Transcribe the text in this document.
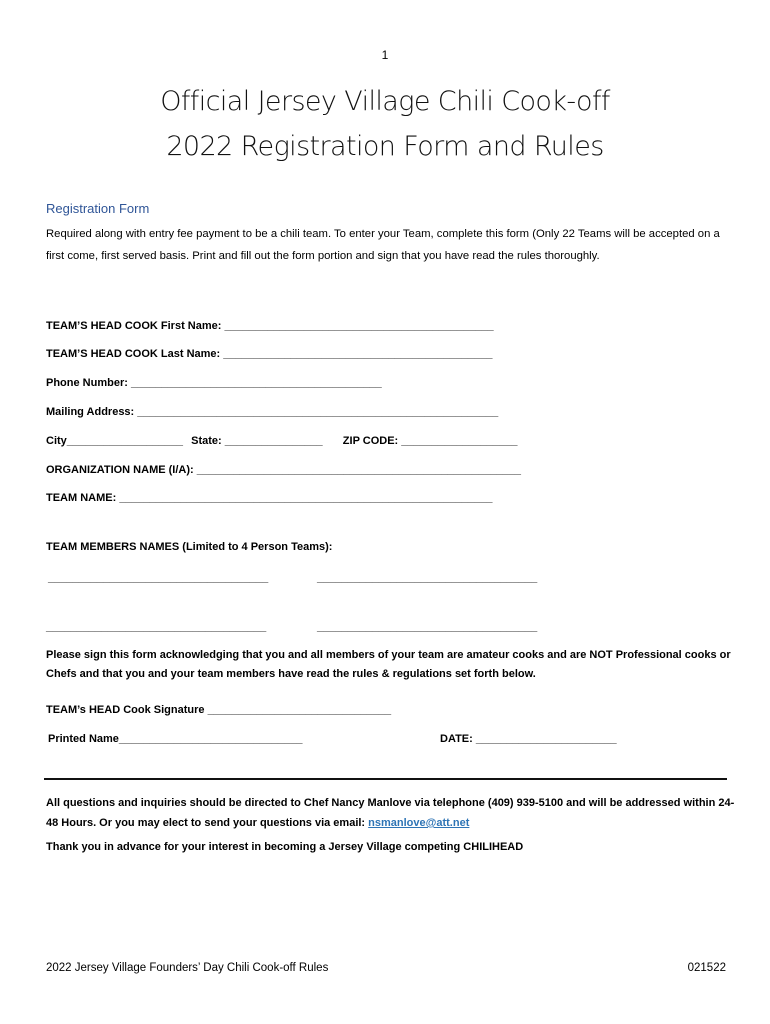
1
Official Jersey Village Chili Cook-off
2022 Registration Form and Rules
Registration Form
Required along with entry fee payment to be a chili team. To enter your Team, complete this form (Only 22 Teams will be accepted on a first come, first served basis. Print and fill out the form portion and sign that you have read the rules thoroughly.
TEAM’S HEAD COOK First Name: ____________________________________________
TEAM’S HEAD COOK Last Name: ____________________________________________
Phone Number: _________________________________________
Mailing Address: ___________________________________________________________
City___________________ State: ________________ ZIP CODE: ___________________
ORGANIZATION NAME (I/A): _____________________________________________________
TEAM NAME: _____________________________________________________________
TEAM MEMBERS NAMES (Limited to 4 Person Teams):
____________________________________	____________________________________
____________________________________	____________________________________
Please sign this form acknowledging that you and all members of your team are amateur cooks and are NOT Professional cooks or Chefs and that you and your team members have read the rules & regulations set forth below.
TEAM’s HEAD Cook Signature ______________________________
Printed Name______________________________	DATE: _______________________
All questions and inquiries should be directed to Chef Nancy Manlove via telephone (409) 939-5100 and will be addressed within 24-48 Hours. Or you may elect to send your questions via email: nsmanlove@att.net
Thank you in advance for your interest in becoming a Jersey Village competing CHILIHEAD
2022 Jersey Village Founders’ Day Chili Cook-off Rules	021522
